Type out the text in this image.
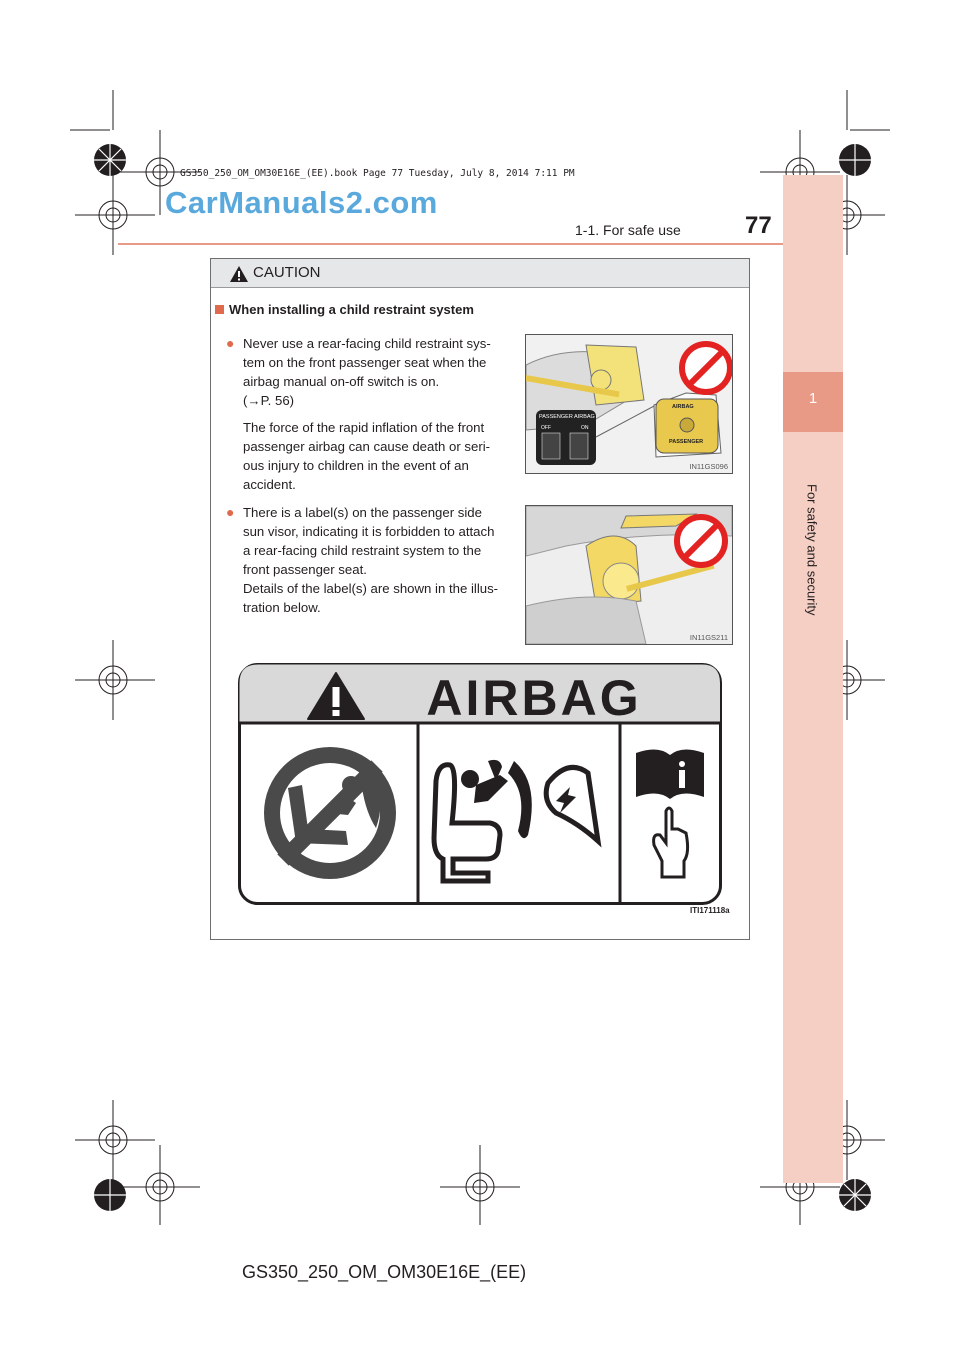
GS350_250_OM_OM30E16E_(EE).book Page 77 Tuesday, July 8, 2014 7:11 PM
CarManuals2.com
1
For safety and security
1-1. For safe use	77
CAUTION
When installing a child restraint system
● Never use a rear-facing child restraint sys-
tem on the front passenger seat when the
airbag manual on-off switch is on.
(→P. 56)
The force of the rapid inflation of the front
passenger airbag can cause death or seri-
ous injury to children in the event of an
accident.
PASSENGER AIRBAG
OFF	ON
AIRBAG
PASSENGER
IN11GS096
● There is a label(s) on the passenger side
sun visor, indicating it is forbidden to attach
a rear-facing child restraint system to the
front passenger seat.
Details of the label(s) are shown in the illus-
tration below.
IN11GS211
AIRBAG
ITI171118a
GS350_250_OM_OM30E16E_(EE)
